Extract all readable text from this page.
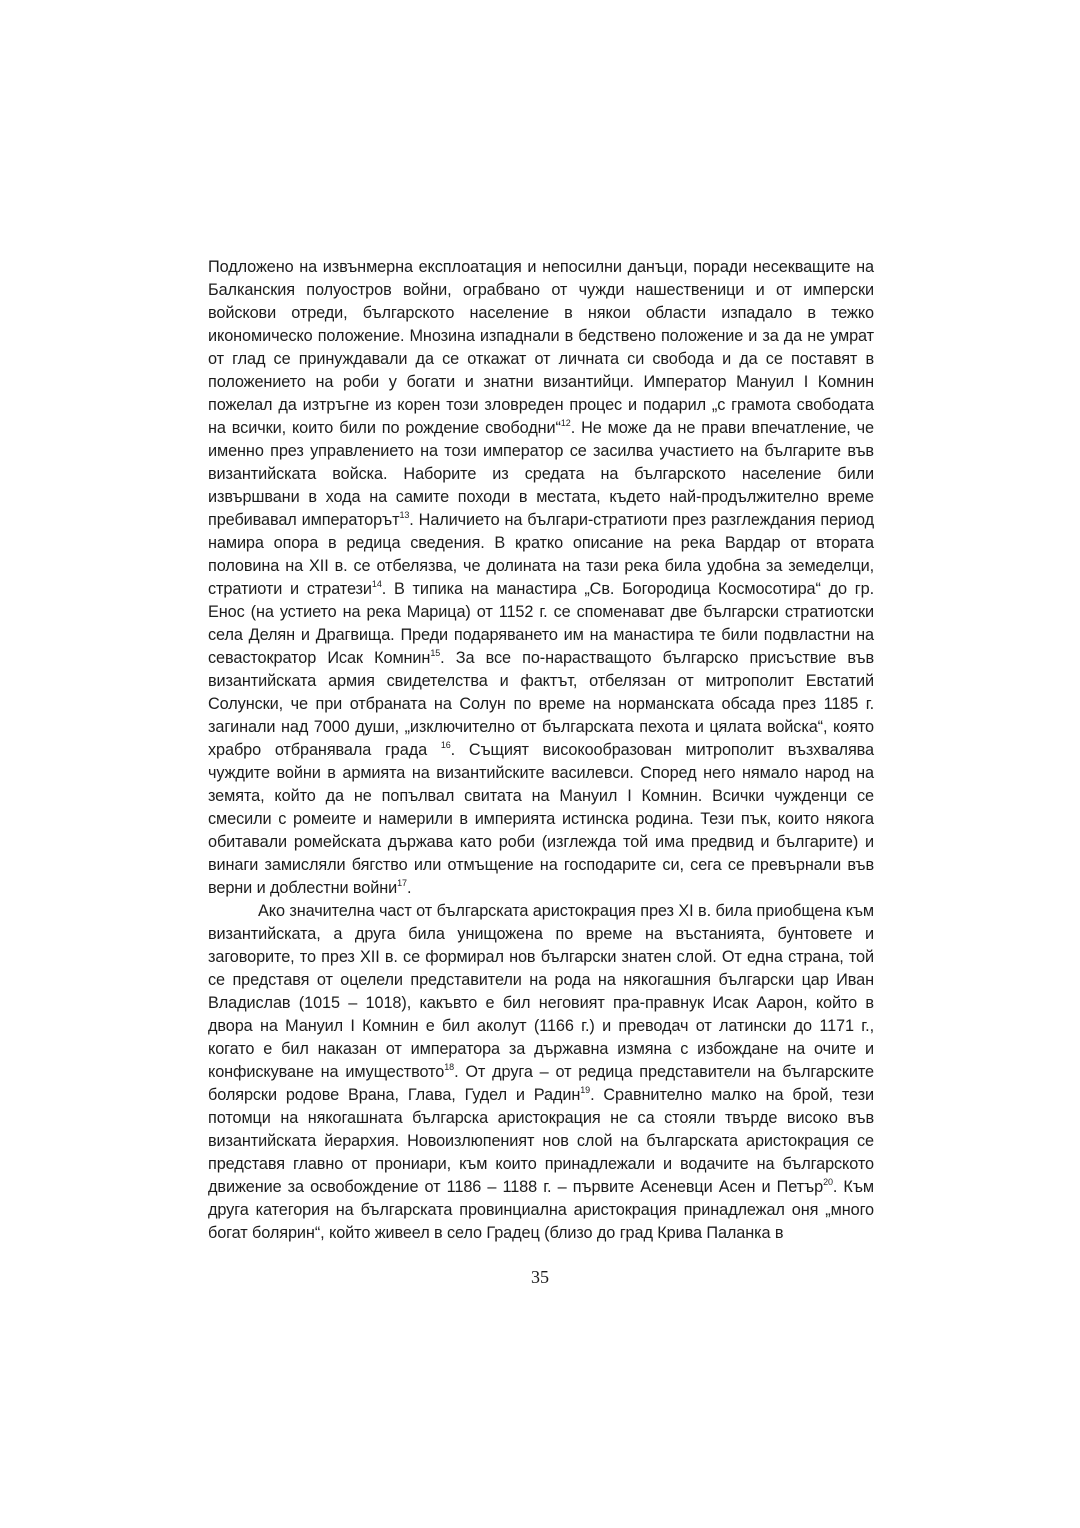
Подложено на извънмерна експлоатация и непосилни данъци, поради несекващите на Балканския полуостров войни, ограбвано от чужди нашественици и от имперски войскови отреди, българското население в някои области изпадало в тежко икономическо положение. Мнозина изпаднали в бедствено положение и за да не умрат от глад се принуждавали да се откажат от личната си свобода и да се поставят в положението на роби у богати и знатни византийци. Император Мануил I Комнин пожелал да изтръгне из корен този зловреден процес и подарил „с грамота свободата на всички, които били по рождение свободни“$^{12}$. Не може да не прави впечатление, че именно през управлението на този император се засилва участието на българите във византийската войска. Наборите из средата на българското население били извършвани в хода на самите походи в местата, където най-продължително време пребивавал императорът$^{13}$. Наличието на българи-стратиоти през разглеждания период намира опора в редица сведения. В кратко описание на река Вардар от втората половина на XII в. се отбелязва, че долината на тази река била удобна за земеделци, стратиоти и стратези$^{14}$. В типика на манастира „Св. Богородица Космосотира“ до гр. Енос (на устието на река Марица) от 1152 г. се споменават две български стратиотски села Делян и Драгвища. Преди подаряването им на манастира те били подвластни на севастократор Исак Комнин$^{15}$. За все по-нарастващото българско присъствие във византийската армия свидетелства и фактът, отбелязан от митрополит Евстатий Солунски, че при отбраната на Солун по време на норманската обсада през 1185 г. загинали над 7000 души, „изключително от българската пехота и цялата войска“, която храбро отбранявала града $^{16}$. Същият високообразован митрополит възхвалява чуждите войни в армията на византийските василевси. Според него нямало народ на земята, който да не попълвал свитата на Мануил I Комнин. Всички чужденци се смесили с ромеите и намерили в империята истинска родина. Тези пък, които някога обитавали ромейската държава като роби (изглежда той има предвид и българите) и винаги замисляли бягство или отмъщение на господарите си, сега се превърнали във верни и доблестни войни$^{17}$.

Ако значителна част от българската аристокрация през XI в. била приобщена към византийската, а друга била унищожена по време на въстанията, бунтовете и заговорите, то през XII в. се формирал нов български знатен слой. От една страна, той се представя от оцелели представители на рода на някогашния български цар Иван Владислав (1015 – 1018), какъвто е бил неговият пра-правнук Исак Аарон, който в двора на Мануил I Комнин е бил аколут (1166 г.) и преводач от латински до 1171 г., когато е бил наказан от императора за държавна измяна с избождане на очите и конфискуване на имуществото$^{18}$. От друга – от редица представители на българските болярски родове Врана, Глава, Гудел и Радин$^{19}$. Сравнително малко на брой, тези потомци на някогашната българска аристокрация не са стояли твърде високо във византийската йерархия. Новоизлюпеният нов слой на българската аристокрация се представя главно от прониари, към които принадлежали и водачите на българското движение за освобождение от 1186 – 1188 г. – първите Асеневци Асен и Петър$^{20}$. Към друга категория на българската провинциална аристокрация принадлежал оня „много богат болярин“, който живеел в село Градец (близо до град Крива Паланка в

35
